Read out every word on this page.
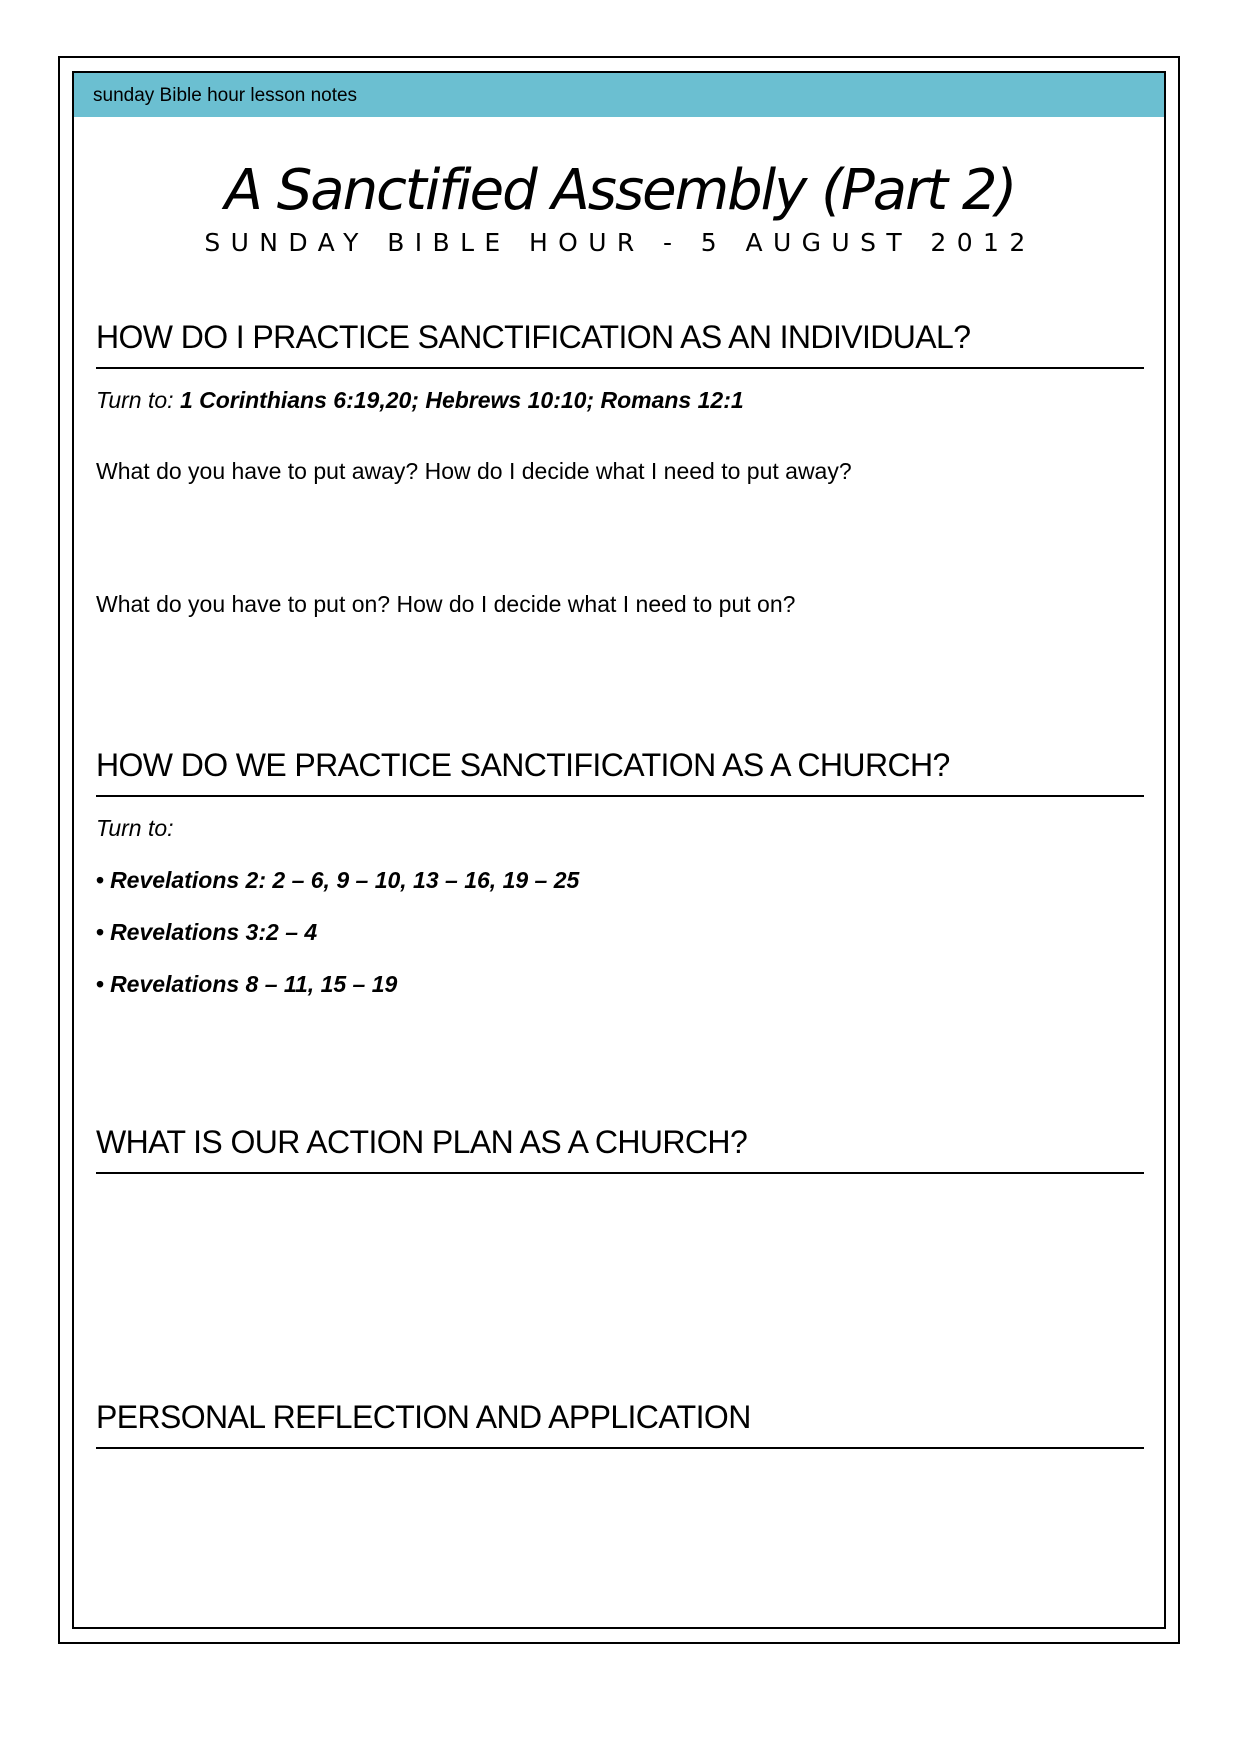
sunday Bible hour lesson notes
A Sanctified Assembly (Part 2)
SUNDAY BIBLE HOUR - 5 AUGUST 2012
HOW DO I PRACTICE SANCTIFICATION AS AN INDIVIDUAL?
Turn to: 1 Corinthians 6:19,20; Hebrews 10:10; Romans 12:1
What do you have to put away? How do I decide what I need to put away?
What do you have to put on? How do I decide what I need to put on?
HOW DO WE PRACTICE SANCTIFICATION AS A CHURCH?
Turn to:
• Revelations 2: 2 – 6, 9 – 10, 13 – 16, 19 – 25
• Revelations 3:2 – 4
• Revelations 8 – 11, 15 – 19
WHAT IS OUR ACTION PLAN AS A CHURCH?
PERSONAL REFLECTION AND APPLICATION
